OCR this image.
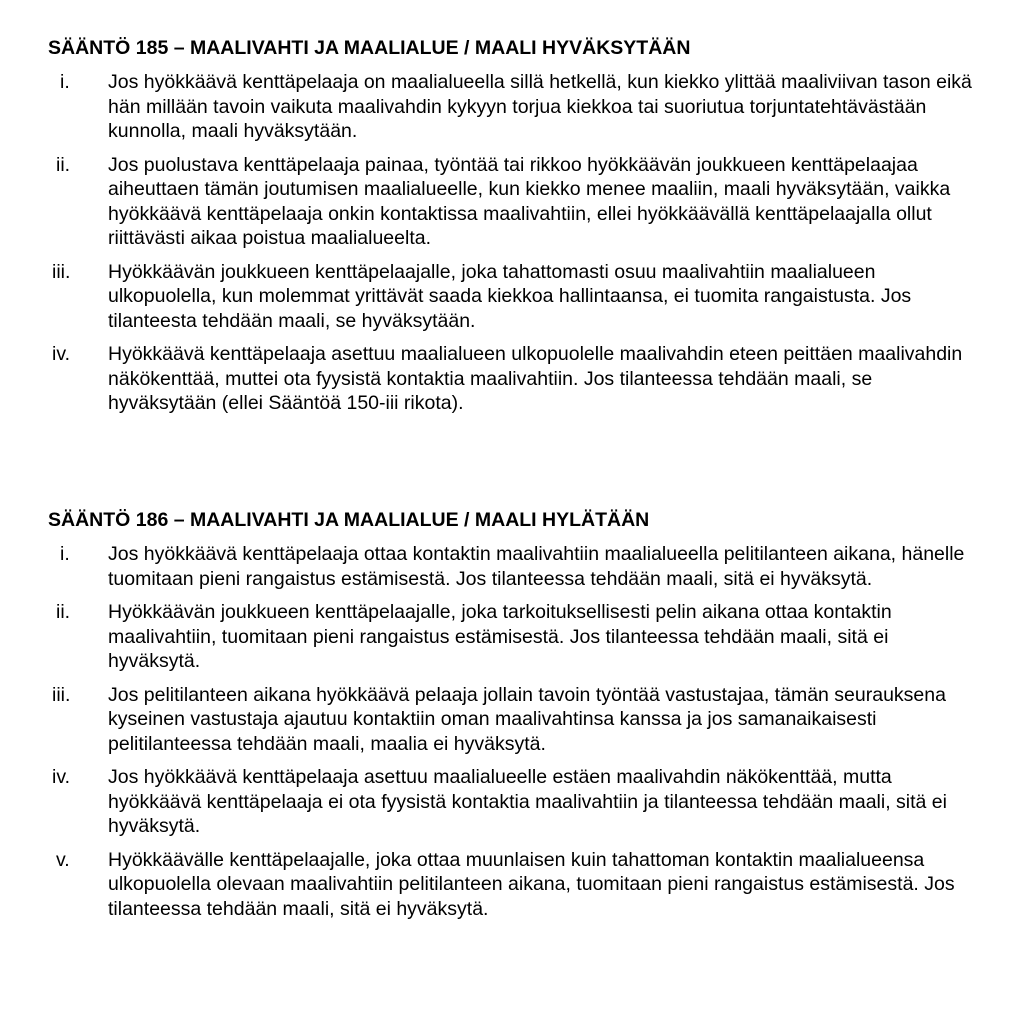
SÄÄNTÖ 185 – MAALIVAHTI JA MAALIALUE / MAALI HYVÄKSYTÄÄN
i.	Jos hyökkäävä kenttäpelaaja on maalialueella sillä hetkellä, kun kiekko ylittää maaliviivan tason eikä hän millään tavoin vaikuta maalivahdin kykyyn torjua kiekkoa tai suoriutua torjuntatehtävästään kunnolla, maali hyväksytään.
ii.	Jos puolustava kenttäpelaaja painaa, työntää tai rikkoo hyökkäävän joukkueen kenttäpelaajaa aiheuttaen tämän joutumisen maalialueelle, kun kiekko menee maaliin, maali hyväksytään, vaikka hyökkäävä kenttäpelaaja onkin kontaktissa maalivahtiin, ellei hyökkäävällä kenttäpelaajalla ollut riittävästi aikaa poistua maalialueelta.
iii.	Hyökkäävän joukkueen kenttäpelaajalle, joka tahattomasti osuu maalivahtiin maalialueen ulkopuolella, kun molemmat yrittävät saada kiekkoa hallintaansa, ei tuomita rangaistusta. Jos tilanteesta tehdään maali, se hyväksytään.
iv.	Hyökkäävä kenttäpelaaja asettuu maalialueen ulkopuolelle maalivahdin eteen peittäen maalivahdin näkökenttää, muttei ota fyysistä kontaktia maalivahtiin. Jos tilanteessa tehdään maali, se hyväksytään (ellei Sääntöä 150-iii rikota).
SÄÄNTÖ 186 – MAALIVAHTI JA MAALIALUE / MAALI HYLÄTÄÄN
i.	Jos hyökkäävä kenttäpelaaja ottaa kontaktin maalivahtiin maalialueella pelitilanteen aikana, hänelle tuomitaan pieni rangaistus estämisestä. Jos tilanteessa tehdään maali, sitä ei hyväksytä.
ii.	Hyökkäävän joukkueen kenttäpelaajalle, joka tarkoituksellisesti pelin aikana ottaa kontaktin maalivahtiin, tuomitaan pieni rangaistus estämisestä. Jos tilanteessa tehdään maali, sitä ei hyväksytä.
iii.	Jos pelitilanteen aikana hyökkäävä pelaaja jollain tavoin työntää vastustajaa, tämän seurauksena kyseinen vastustaja ajautuu kontaktiin oman maalivahtinsa kanssa ja jos samanaikaisesti pelitilanteessa tehdään maali, maalia ei hyväksytä.
iv.	Jos hyökkäävä kenttäpelaaja asettuu maalialueelle estäen maalivahdin näkökenttää, mutta hyökkäävä kenttäpelaaja ei ota fyysistä kontaktia maalivahtiin ja tilanteessa tehdään maali, sitä ei hyväksytä.
v.	Hyökkäävälle kenttäpelaajalle, joka ottaa muunlaisen kuin tahattoman kontaktin maalialueensa ulkopuolella olevaan maalivahtiin pelitilanteen aikana, tuomitaan pieni rangaistus estämisestä. Jos tilanteessa tehdään maali, sitä ei hyväksytä.
